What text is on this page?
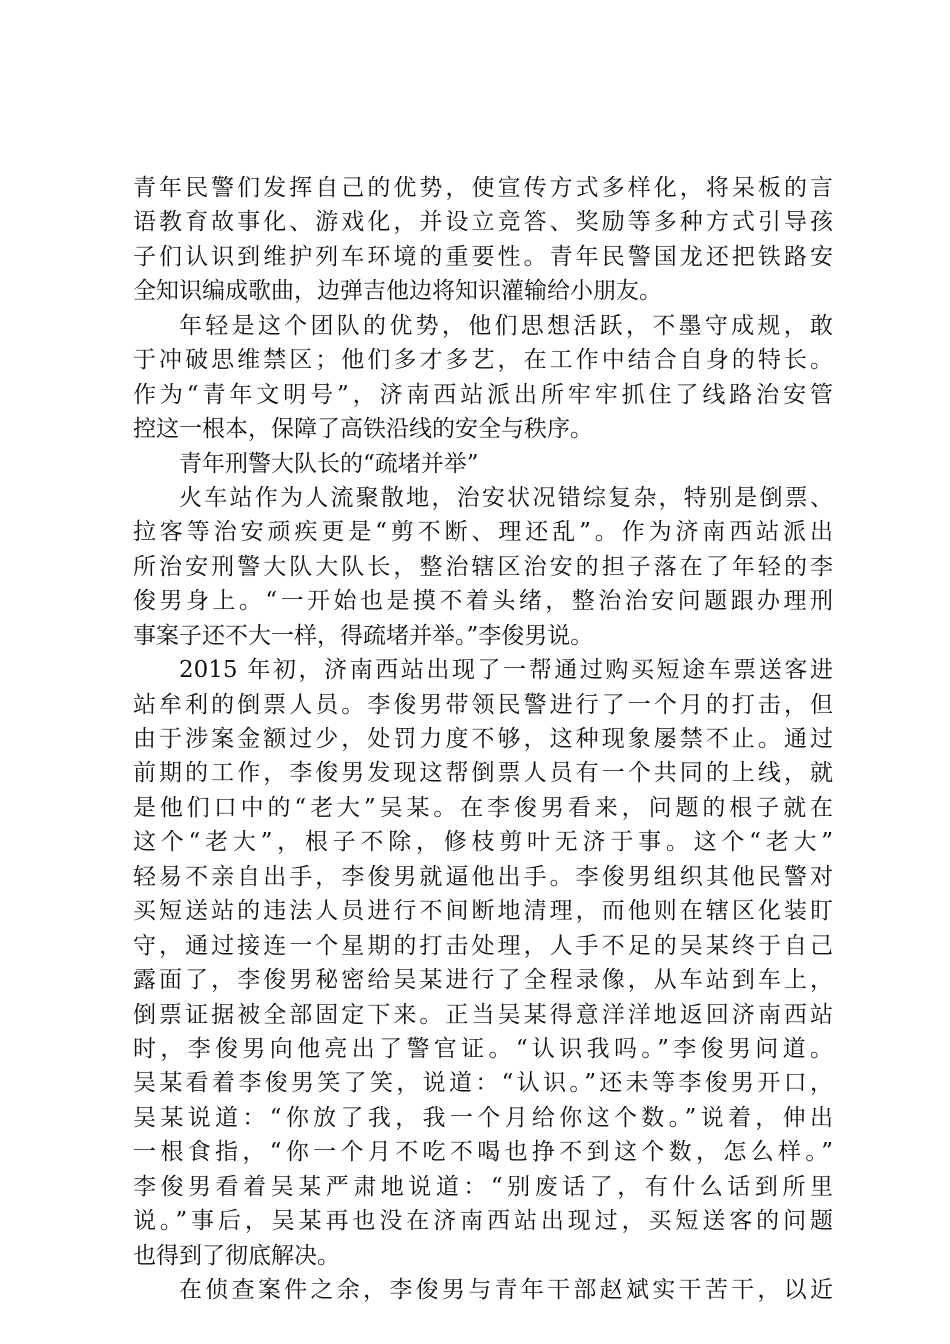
青年民警们发挥自己的优势，使宣传方式多样化，将呆板的言
语教育故事化、游戏化，并设立竞答、奖励等多种方式引导孩
子们认识到维护列车环境的重要性。青年民警国龙还把铁路安
全知识编成歌曲，边弹吉他边将知识灌输给小朋友。
年轻是这个团队的优势，他们思想活跃，不墨守成规，敢
于冲破思维禁区；他们多才多艺，在工作中结合自身的特长。
作为“青年文明号”，济南西站派出所牢牢抓住了线路治安管
控这一根本，保障了高铁沿线的安全与秩序。
青年刑警大队长的“疏堵并举”
火车站作为人流聚散地，治安状况错综复杂，特别是倒票、
拉客等治安顽疾更是“剪不断、理还乱”。作为济南西站派出
所治安刑警大队大队长，整治辖区治安的担子落在了年轻的李
俊男身上。“一开始也是摸不着头绪，整治治安问题跟办理刑
事案子还不大一样，得疏堵并举。”李俊男说。
2015 年初，济南西站出现了一帮通过购买短途车票送客进
站牟利的倒票人员。李俊男带领民警进行了一个月的打击，但
由于涉案金额过少，处罚力度不够，这种现象屡禁不止。通过
前期的工作，李俊男发现这帮倒票人员有一个共同的上线，就
是他们口中的“老大”吴某。在李俊男看来，问题的根子就在
这个“老大”，根子不除，修枝剪叶无济于事。这个“老大”
轻易不亲自出手，李俊男就逼他出手。李俊男组织其他民警对
买短送站的违法人员进行不间断地清理，而他则在辖区化装盯
守，通过接连一个星期的打击处理，人手不足的吴某终于自己
露面了，李俊男秘密给吴某进行了全程录像，从车站到车上，
倒票证据被全部固定下来。正当吴某得意洋洋地返回济南西站
时，李俊男向他亮出了警官证。“认识我吗。”李俊男问道。
吴某看着李俊男笑了笑，说道：“认识。”还未等李俊男开口，
吴某说道：“你放了我，我一个月给你这个数。”说着，伸出
一根食指，“你一个月不吃不喝也挣不到这个数，怎么样。”
李俊男看着吴某严肃地说道：“别废话了，有什么话到所里
说。”事后，吴某再也没在济南西站出现过，买短送客的问题
也得到了彻底解决。
在侦查案件之余，李俊男与青年干部赵斌实干苦干，以近
